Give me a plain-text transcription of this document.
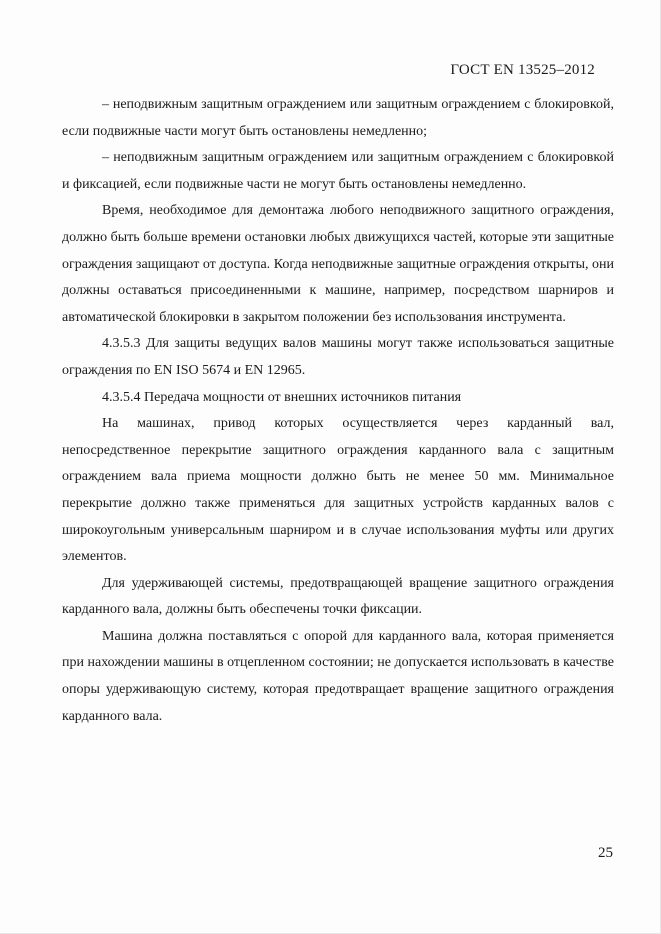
ГОСТ EN 13525–2012

– неподвижным защитным ограждением или защитным ограждением с блокировкой, если подвижные части могут быть остановлены немедленно;

– неподвижным защитным ограждением или защитным ограждением с блокировкой и фиксацией, если подвижные части не могут быть остановлены немедленно.

Время, необходимое для демонтажа любого неподвижного защитного ограждения, должно быть больше времени остановки любых движущихся частей, которые эти защитные ограждения защищают от доступа. Когда неподвижные защитные ограждения открыты, они должны оставаться присоединенными к машине, например, посредством шарниров и автоматической блокировки в закрытом положении без использования инструмента.

4.3.5.3 Для защиты ведущих валов машины могут также использоваться защитные ограждения по EN ISO 5674 и EN 12965.

4.3.5.4 Передача мощности от внешних источников питания

На машинах, привод которых осуществляется через карданный вал, непосредственное перекрытие защитного ограждения карданного вала с защитным ограждением вала приема мощности должно быть не менее 50 мм. Минимальное перекрытие должно также применяться для защитных устройств карданных валов с широкоугольным универсальным шарниром и в случае использования муфты или других элементов.

Для удерживающей системы, предотвращающей вращение защитного ограждения карданного вала, должны быть обеспечены точки фиксации.

Машина должна поставляться с опорой для карданного вала, которая применяется при нахождении машины в отцепленном состоянии; не допускается использовать в качестве опоры удерживающую систему, которая предотвращает вращение защитного ограждения карданного вала.

25
